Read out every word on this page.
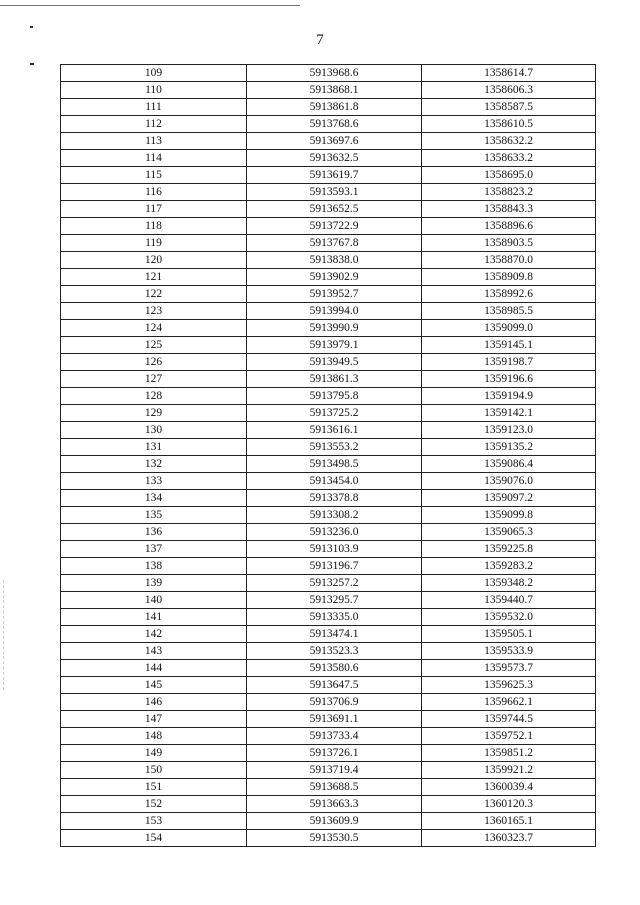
7
109	5913968.6	1358614.7
110	5913868.1	1358606.3
111	5913861.8	1358587.5
112	5913768.6	1358610.5
113	5913697.6	1358632.2
114	5913632.5	1358633.2
115	5913619.7	1358695.0
116	5913593.1	1358823.2
117	5913652.5	1358843.3
118	5913722.9	1358896.6
119	5913767.8	1358903.5
120	5913838.0	1358870.0
121	5913902.9	1358909.8
122	5913952.7	1358992.6
123	5913994.0	1358985.5
124	5913990.9	1359099.0
125	5913979.1	1359145.1
126	5913949.5	1359198.7
127	5913861.3	1359196.6
128	5913795.8	1359194.9
129	5913725.2	1359142.1
130	5913616.1	1359123.0
131	5913553.2	1359135.2
132	5913498.5	1359086.4
133	5913454.0	1359076.0
134	5913378.8	1359097.2
135	5913308.2	1359099.8
136	5913236.0	1359065.3
137	5913103.9	1359225.8
138	5913196.7	1359283.2
139	5913257.2	1359348.2
140	5913295.7	1359440.7
141	5913335.0	1359532.0
142	5913474.1	1359505.1
143	5913523.3	1359533.9
144	5913580.6	1359573.7
145	5913647.5	1359625.3
146	5913706.9	1359662.1
147	5913691.1	1359744.5
148	5913733.4	1359752.1
149	5913726.1	1359851.2
150	5913719.4	1359921.2
151	5913688.5	1360039.4
152	5913663.3	1360120.3
153	5913609.9	1360165.1
154	5913530.5	1360323.7
